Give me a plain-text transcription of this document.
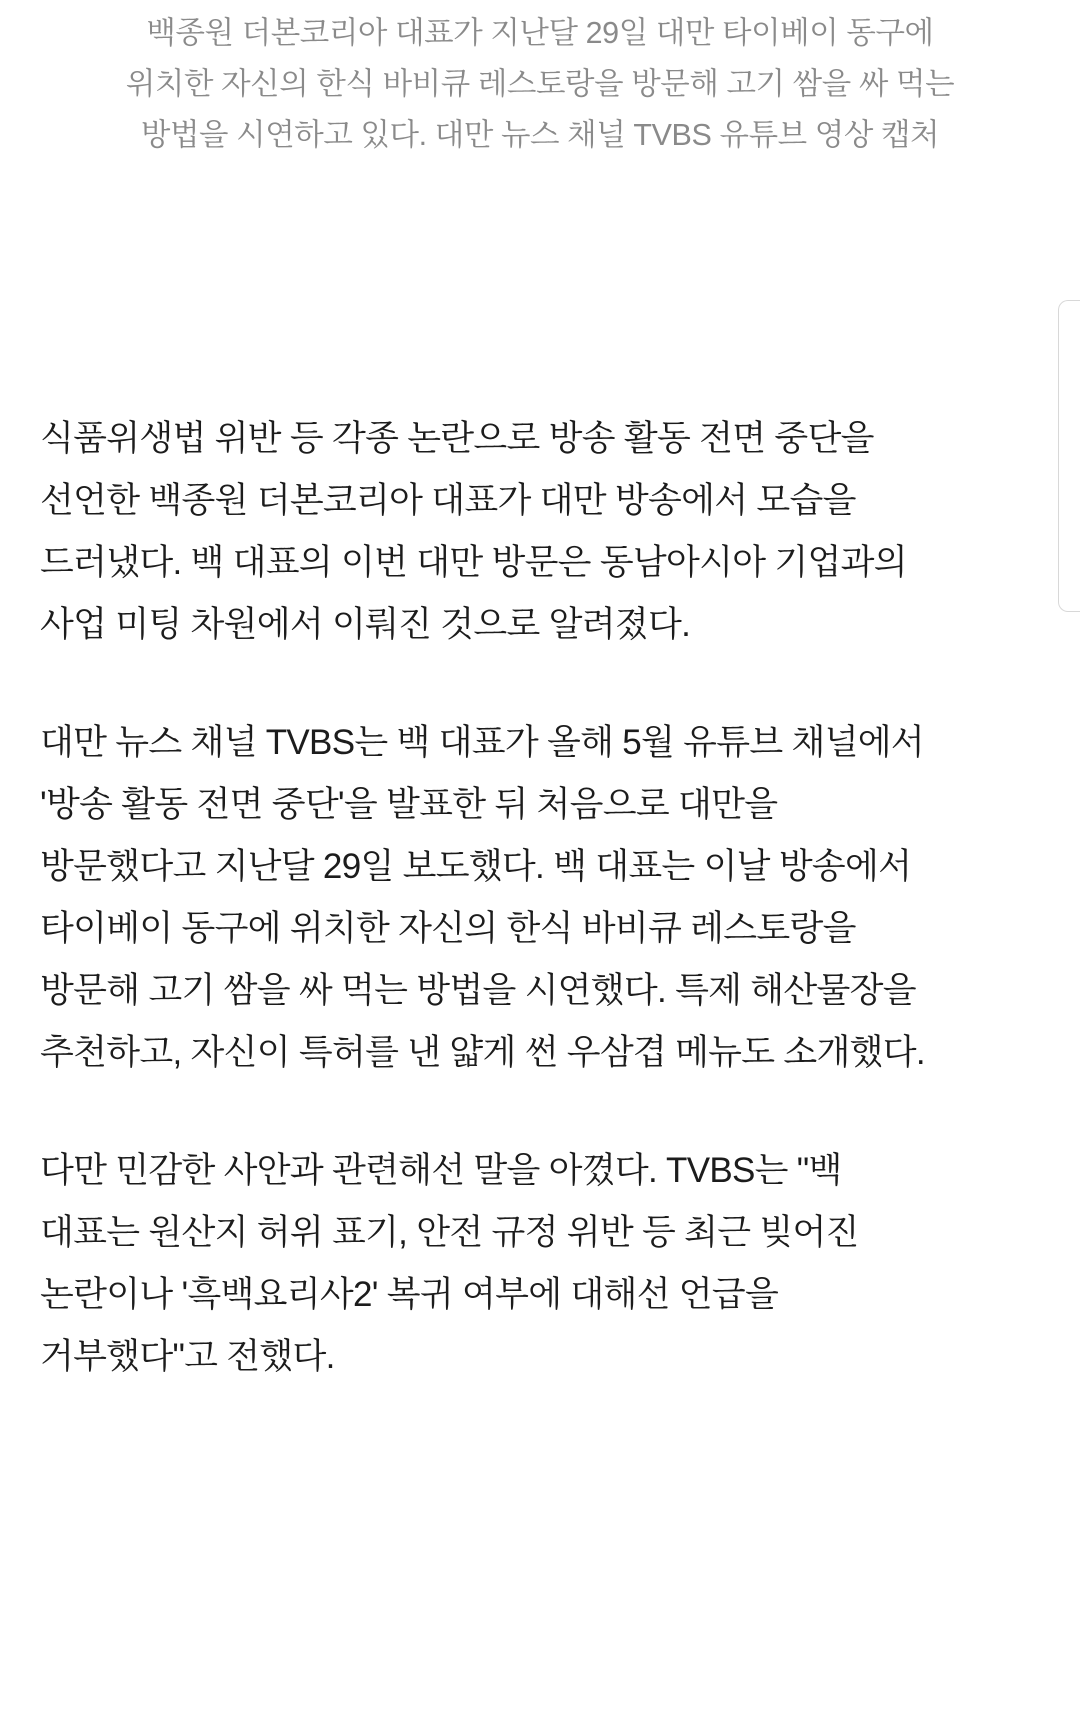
백종원 더본코리아 대표가 지난달 29일 대만 타이베이 동구에 위치한 자신의 한식 바비큐 레스토랑을 방문해 고기 쌈을 싸 먹는 방법을 시연하고 있다. 대만 뉴스 채널 TVBS 유튜브 영상 캡처

식품위생법 위반 등 각종 논란으로 방송 활동 전면 중단을 선언한 백종원 더본코리아 대표가 대만 방송에서 모습을 드러냈다. 백 대표의 이번 대만 방문은 동남아시아 기업과의 사업 미팅 차원에서 이뤄진 것으로 알려졌다.

대만 뉴스 채널 TVBS는 백 대표가 올해 5월 유튜브 채널에서 '방송 활동 전면 중단'을 발표한 뒤 처음으로 대만을 방문했다고 지난달 29일 보도했다. 백 대표는 이날 방송에서 타이베이 동구에 위치한 자신의 한식 바비큐 레스토랑을 방문해 고기 쌈을 싸 먹는 방법을 시연했다. 특제 해산물장을 추천하고, 자신이 특허를 낸 얇게 썬 우삼겹 메뉴도 소개했다.

다만 민감한 사안과 관련해선 말을 아꼈다. TVBS는 "백 대표는 원산지 허위 표기, 안전 규정 위반 등 최근 빚어진 논란이나 '흑백요리사2' 복귀 여부에 대해선 언급을 거부했다"고 전했다.
